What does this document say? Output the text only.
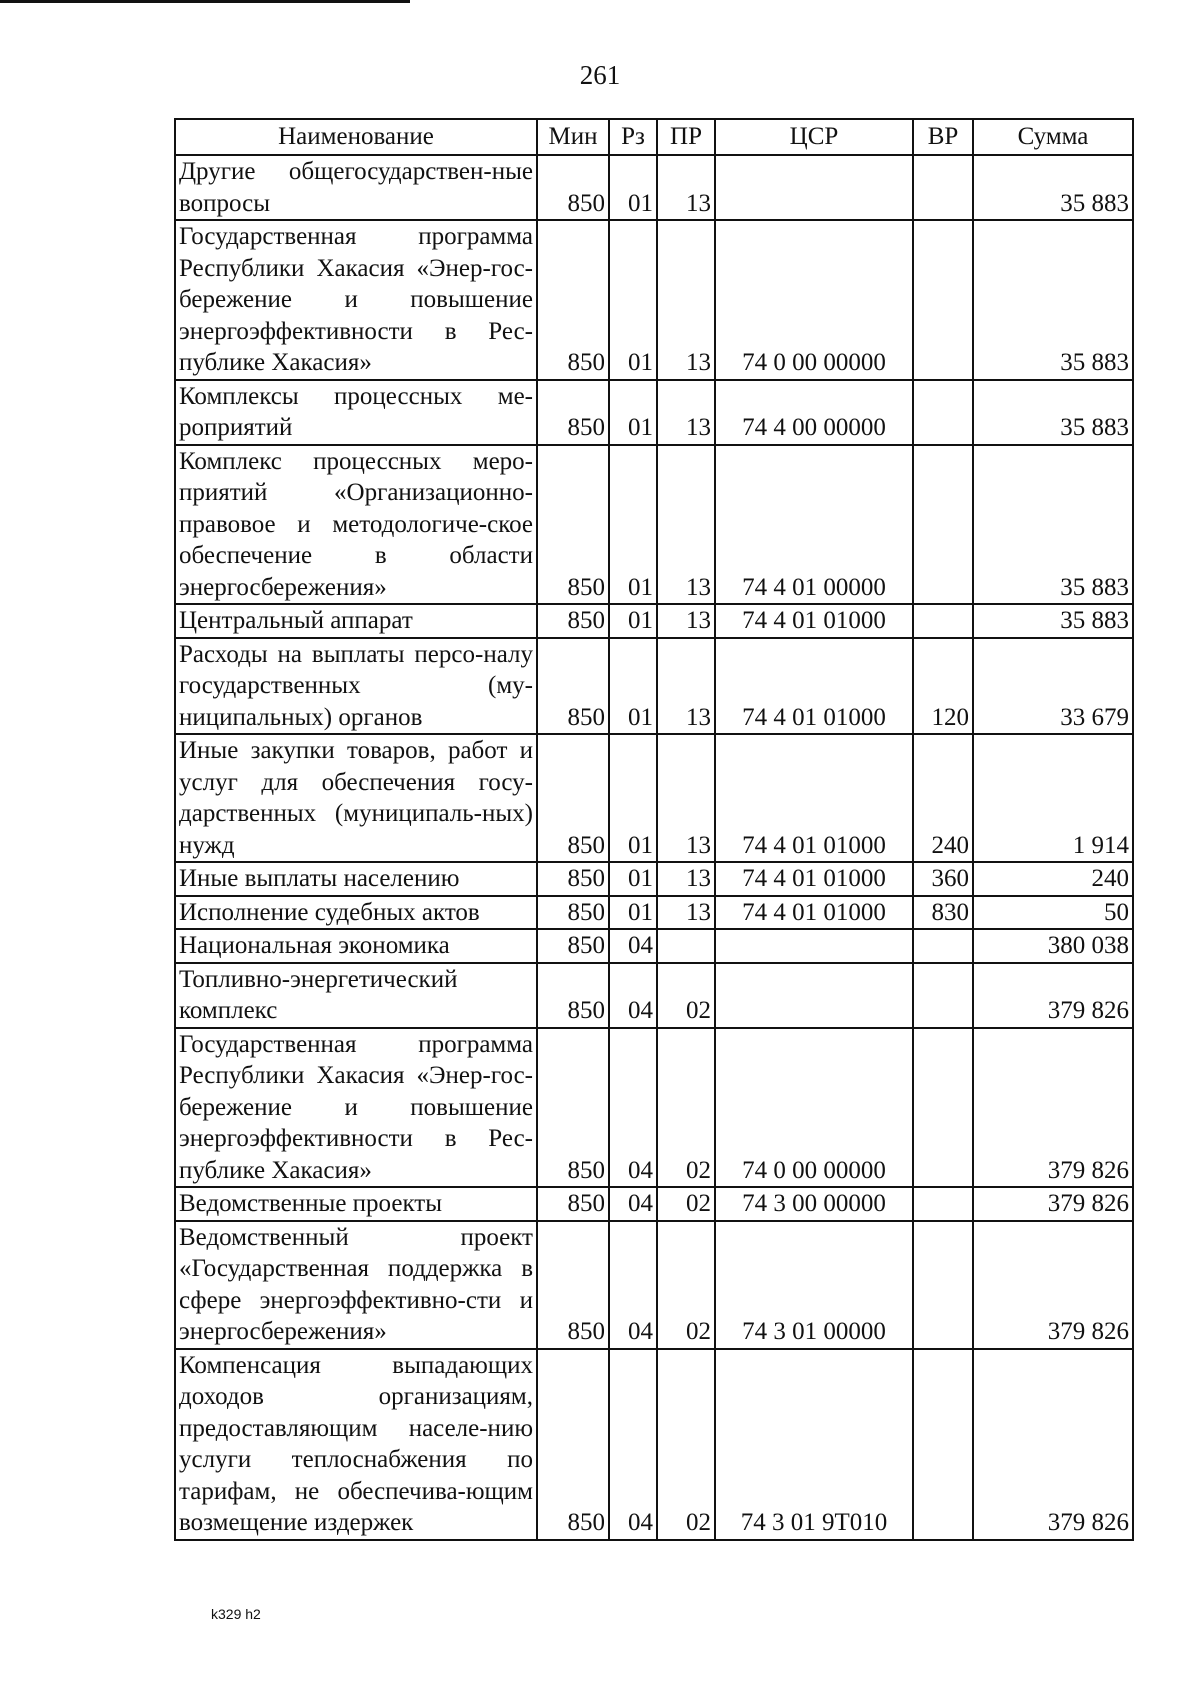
261
Наименование	Мин	Рз	ПР	ЦСР	ВР	Сумма
Другие общегосударствен-ные вопросы	850	01	13			35 883
Государственная программа Республики Хакасия «Энер-госбережение и повышение энергоэффективности в Рес-публике Хакасия»	850	01	13	74 0 00 00000		35 883
Комплексы процессных ме-роприятий	850	01	13	74 4 00 00000		35 883
Комплекс процессных меро-приятий «Организационно-правовое и методологиче-ское обеспечение в области энергосбережения»	850	01	13	74 4 01 00000		35 883
Центральный аппарат	850	01	13	74 4 01 01000		35 883
Расходы на выплаты персо-налу государственных (му-ниципальных) органов	850	01	13	74 4 01 01000	120	33 679
Иные закупки товаров, работ и услуг для обеспечения госу-дарственных (муниципаль-ных) нужд	850	01	13	74 4 01 01000	240	1 914
Иные выплаты населению	850	01	13	74 4 01 01000	360	240
Исполнение судебных актов	850	01	13	74 4 01 01000	830	50
Национальная экономика	850	04				380 038
Топливно-энергетический комплекс	850	04	02			379 826
Государственная программа Республики Хакасия «Энер-госбережение и повышение энергоэффективности в Рес-публике Хакасия»	850	04	02	74 0 00 00000		379 826
Ведомственные проекты	850	04	02	74 3 00 00000		379 826
Ведомственный проект «Государственная поддержка в сфере энергоэффективно-сти и энергосбережения»	850	04	02	74 3 01 00000		379 826
Компенсация выпадающих доходов организациям, предоставляющим населе-нию услуги теплоснабжения по тарифам, не обеспечива-ющим возмещение издержек	850	04	02	74 3 01 9Т010		379 826
k329 h2
